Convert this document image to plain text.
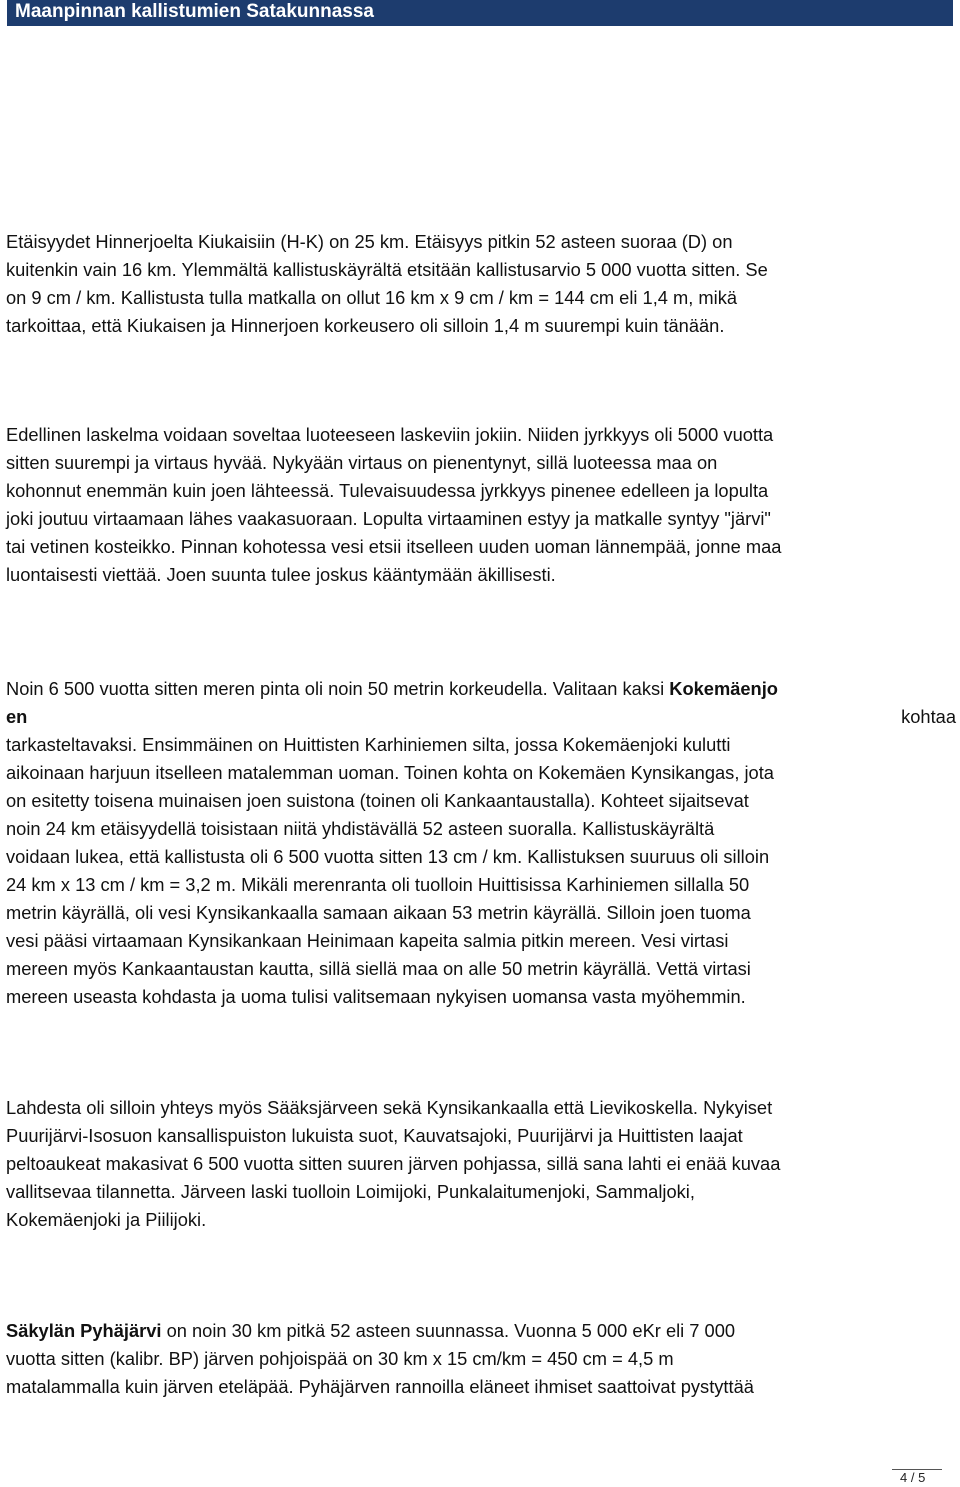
Maanpinnan kallistumien Satakunnassa
Etäisyydet Hinnerjoelta Kiukaisiin (H-K) on 25 km. Etäisyys pitkin 52 asteen suoraa (D) on
kuitenkin vain 16 km. Ylemmältä kallistuskäyrältä etsitään kallistusarvio 5 000 vuotta sitten. Se
on 9 cm / km. Kallistusta tulla matkalla on ollut 16 km x 9 cm / km = 144 cm eli 1,4 m, mikä
tarkoittaa, että Kiukaisen ja Hinnerjoen korkeusero oli silloin 1,4 m suurempi kuin tänään.
Edellinen laskelma voidaan soveltaa luoteeseen laskeviin jokiin. Niiden jyrkkyys oli 5000 vuotta
sitten suurempi ja virtaus hyvää. Nykyään virtaus on pienentynyt, sillä luoteessa maa on
kohonnut enemmän kuin joen lähteessä. Tulevaisuudessa jyrkkyys pinenee edelleen ja lopulta
joki joutuu virtaamaan lähes vaakasuoraan. Lopulta virtaaminen estyy ja matkalle syntyy "järvi"
tai vetinen kosteikko. Pinnan kohotessa vesi etsii itselleen uuden uoman lännempää, jonne maa
luontaisesti viettää. Joen suunta tulee joskus kääntymään äkillisesti.
Noin 6 500 vuotta sitten meren pinta oli noin 50 metrin korkeudella. Valitaan kaksi Kokemäenjo
en	kohtaa
tarkasteltavaksi. Ensimmäinen on Huittisten Karhiniemen silta, jossa Kokemäenjoki kulutti
aikoinaan harjuun itselleen matalemman uoman. Toinen kohta on Kokemäen Kynsikangas, jota
on esitetty toisena muinaisen joen suistona (toinen oli Kankaantaustalla). Kohteet sijaitsevat
noin 24 km etäisyydellä toisistaan niitä yhdistävällä 52 asteen suoralla. Kallistuskäyrältä
voidaan lukea, että kallistusta oli 6 500 vuotta sitten 13 cm / km. Kallistuksen suuruus oli silloin
24 km x 13 cm / km = 3,2 m. Mikäli merenranta oli tuolloin Huittisissa Karhiniemen sillalla 50
metrin käyrällä, oli vesi Kynsikankaalla samaan aikaan 53 metrin käyrällä. Silloin joen tuoma
vesi pääsi virtaamaan Kynsikankaan Heinimaan kapeita salmia pitkin mereen. Vesi virtasi
mereen myös Kankaantaustan kautta, sillä siellä maa on alle 50 metrin käyrällä. Vettä virtasi
mereen useasta kohdasta ja uoma tulisi valitsemaan nykyisen uomansa vasta myöhemmin.
Lahdesta oli silloin yhteys myös Sääksjärveen sekä Kynsikankaalla että Lievikoskella. Nykyiset
Puurijärvi-Isosuon kansallispuiston lukuista suot, Kauvatsajoki, Puurijärvi ja Huittisten laajat
peltoaukeat makasivat 6 500 vuotta sitten suuren järven pohjassa, sillä sana lahti ei enää kuvaa
vallitsevaa tilannetta. Järveen laski tuolloin Loimijoki, Punkalaitumenjoki, Sammaljoki,
Kokemäenjoki ja Piilijoki.
Säkylän Pyhäjärvi on noin 30 km pitkä 52 asteen suunnassa. Vuonna 5 000 eKr eli 7 000
vuotta sitten (kalibr. BP) järven pohjoispää on 30 km x 15 cm/km = 450 cm = 4,5 m
matalammalla kuin järven eteläpää. Pyhäjärven rannoilla eläneet ihmiset saattoivat pystyttää
4 / 5
